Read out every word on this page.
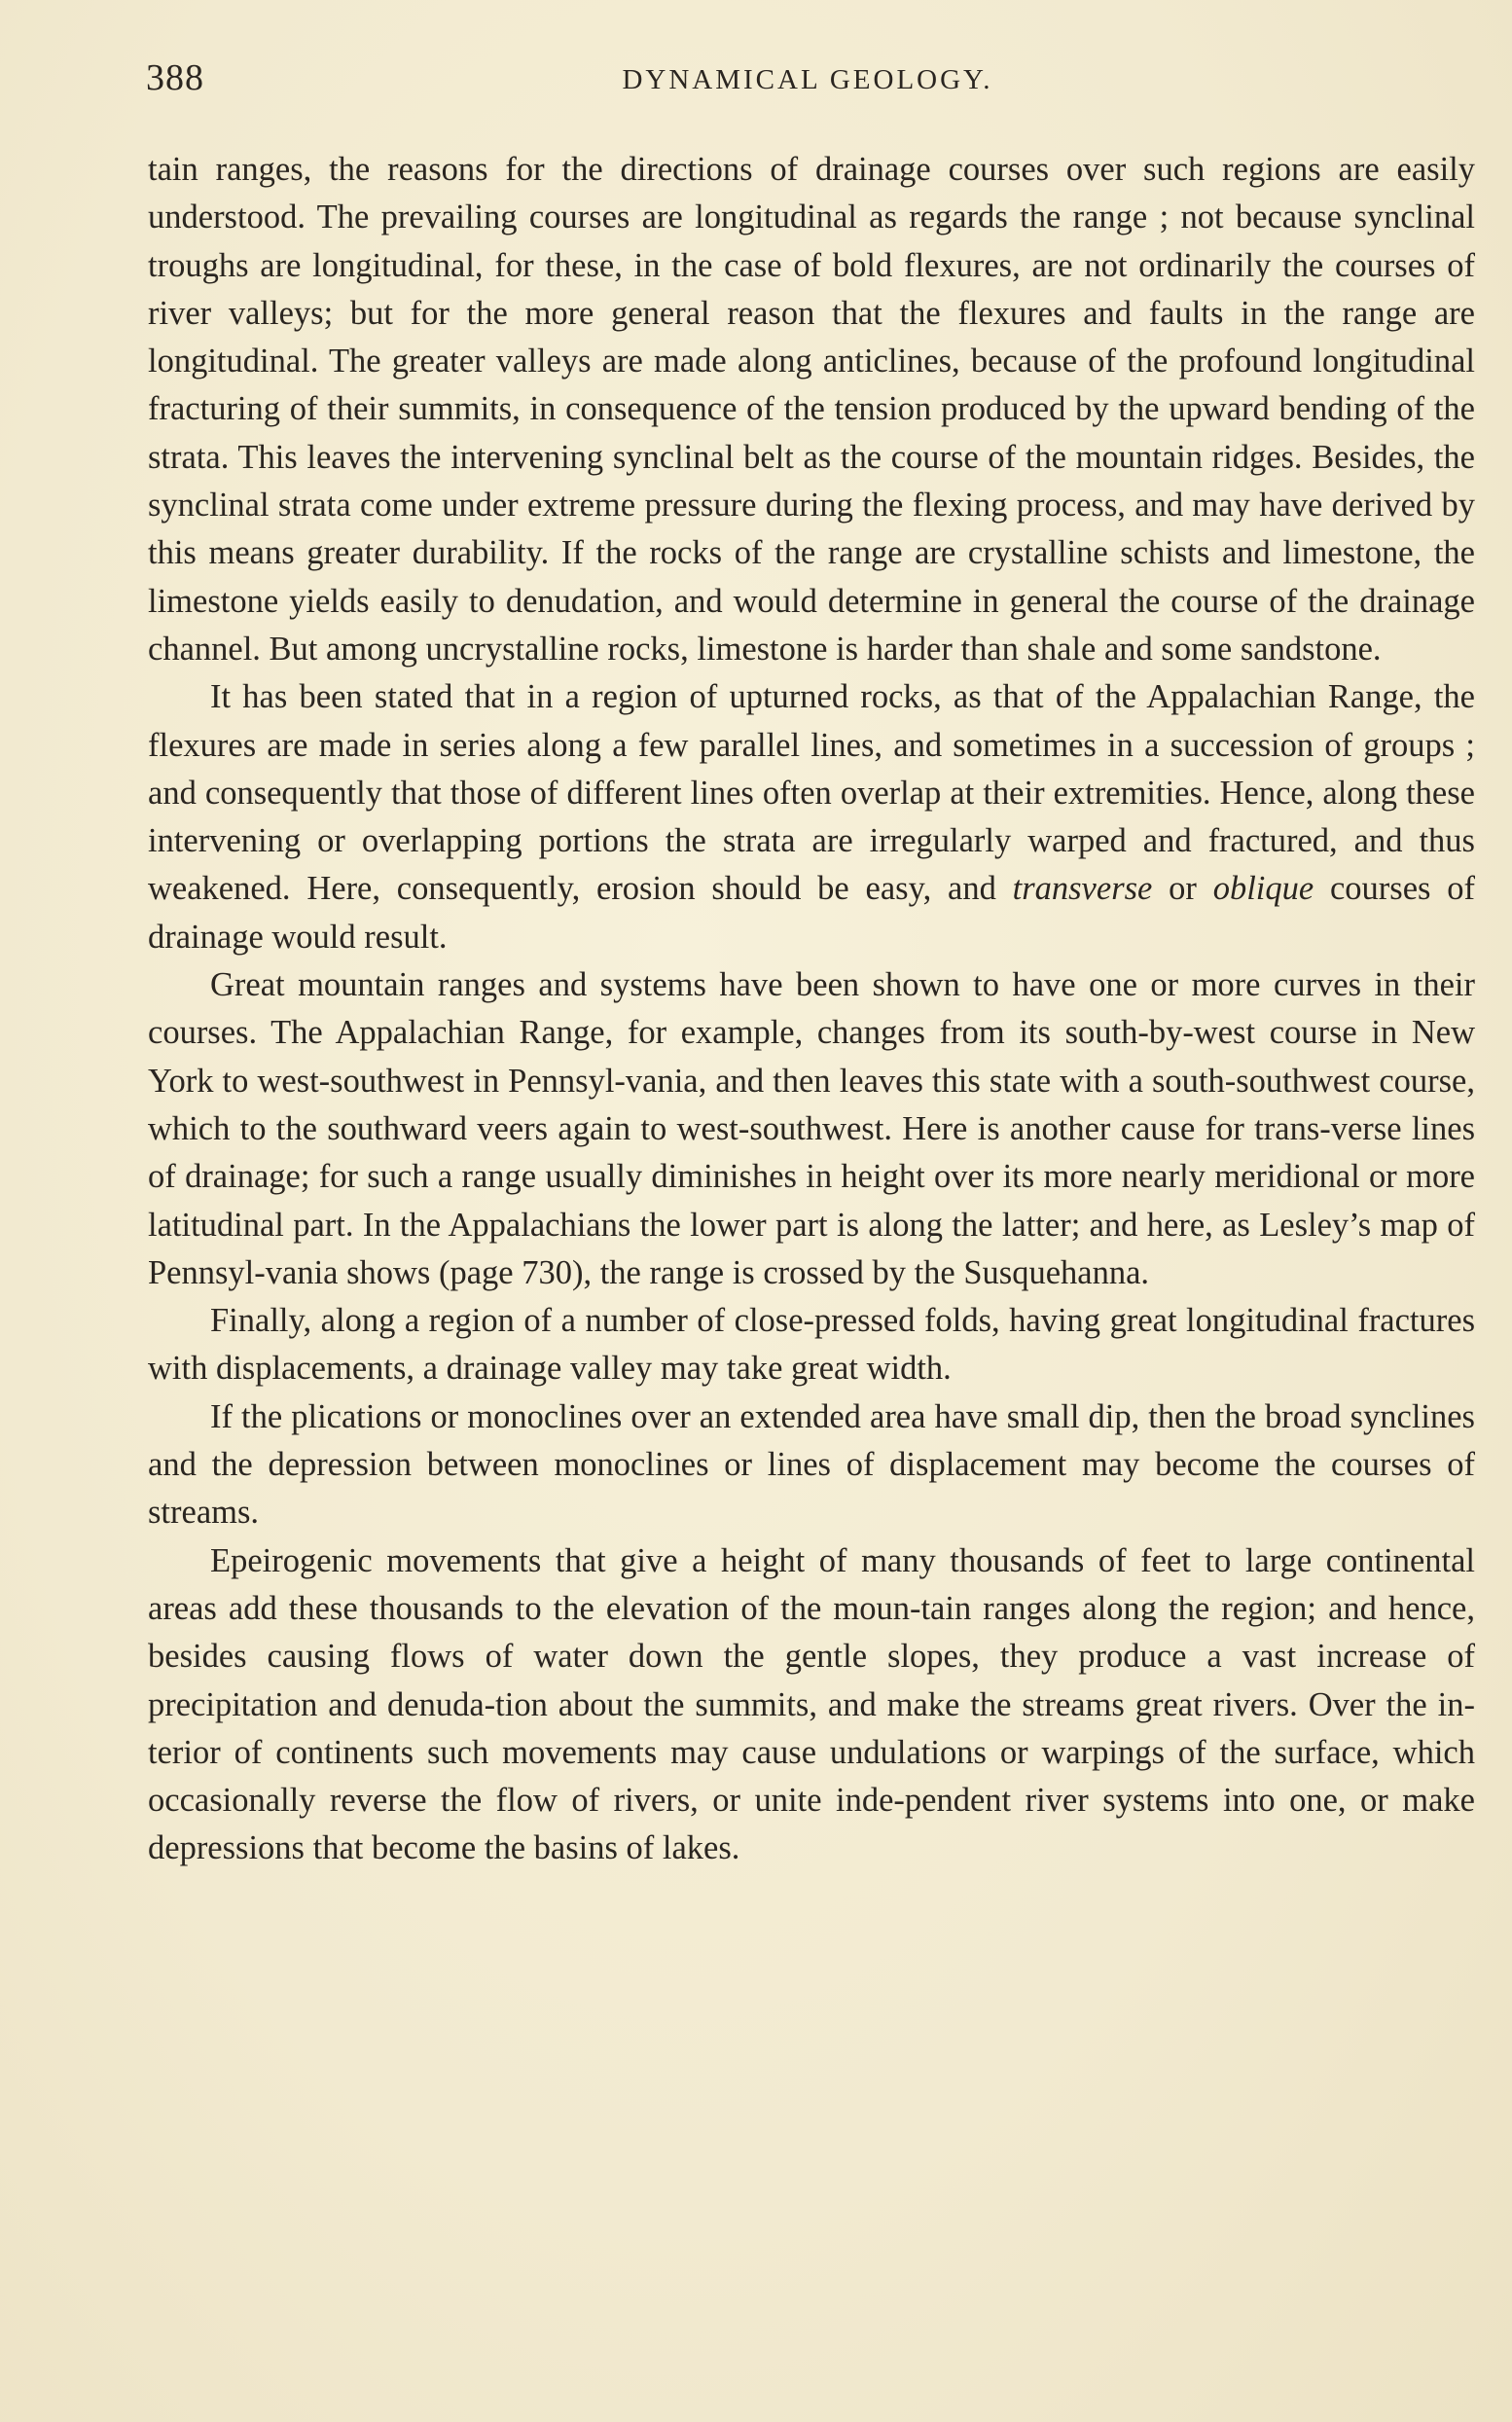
388	DYNAMICAL GEOLOGY.

tain ranges, the reasons for the directions of drainage courses over such regions are easily understood. The prevailing courses are longitudinal as regards the range ; not because synclinal troughs are longitudinal, for these, in the case of bold flexures, are not ordinarily the courses of river valleys; but for the more general reason that the flexures and faults in the range are longitudinal. The greater valleys are made along anticlines, because of the profound longitudinal fracturing of their summits, in consequence of the tension produced by the upward bending of the strata. This leaves the intervening synclinal belt as the course of the mountain ridges. Besides, the synclinal strata come under extreme pressure during the flexing process, and may have derived by this means greater durability. If the rocks of the range are crystalline schists and limestone, the limestone yields easily to denudation, and would determine in general the course of the drainage channel. But among uncrystalline rocks, limestone is harder than shale and some sandstone.

It has been stated that in a region of upturned rocks, as that of the Appalachian Range, the flexures are made in series along a few parallel lines, and sometimes in a succession of groups ; and consequently that those of different lines often overlap at their extremities. Hence, along these intervening or overlapping portions the strata are irregularly warped and fractured, and thus weakened. Here, consequently, erosion should be easy, and transverse or oblique courses of drainage would result.

Great mountain ranges and systems have been shown to have one or more curves in their courses. The Appalachian Range, for example, changes from its south-by-west course in New York to west-southwest in Pennsyl-vania, and then leaves this state with a south-southwest course, which to the southward veers again to west-southwest. Here is another cause for trans-verse lines of drainage; for such a range usually diminishes in height over its more nearly meridional or more latitudinal part. In the Appalachians the lower part is along the latter; and here, as Lesley’s map of Pennsyl-vania shows (page 730), the range is crossed by the Susquehanna.

Finally, along a region of a number of close-pressed folds, having great longitudinal fractures with displacements, a drainage valley may take great width.

If the plications or monoclines over an extended area have small dip, then the broad synclines and the depression between monoclines or lines of displacement may become the courses of streams.

Epeirogenic movements that give a height of many thousands of feet to large continental areas add these thousands to the elevation of the moun-tain ranges along the region; and hence, besides causing flows of water down the gentle slopes, they produce a vast increase of precipitation and denuda-tion about the summits, and make the streams great rivers. Over the in-terior of continents such movements may cause undulations or warpings of the surface, which occasionally reverse the flow of rivers, or unite inde-pendent river systems into one, or make depressions that become the basins of lakes.
